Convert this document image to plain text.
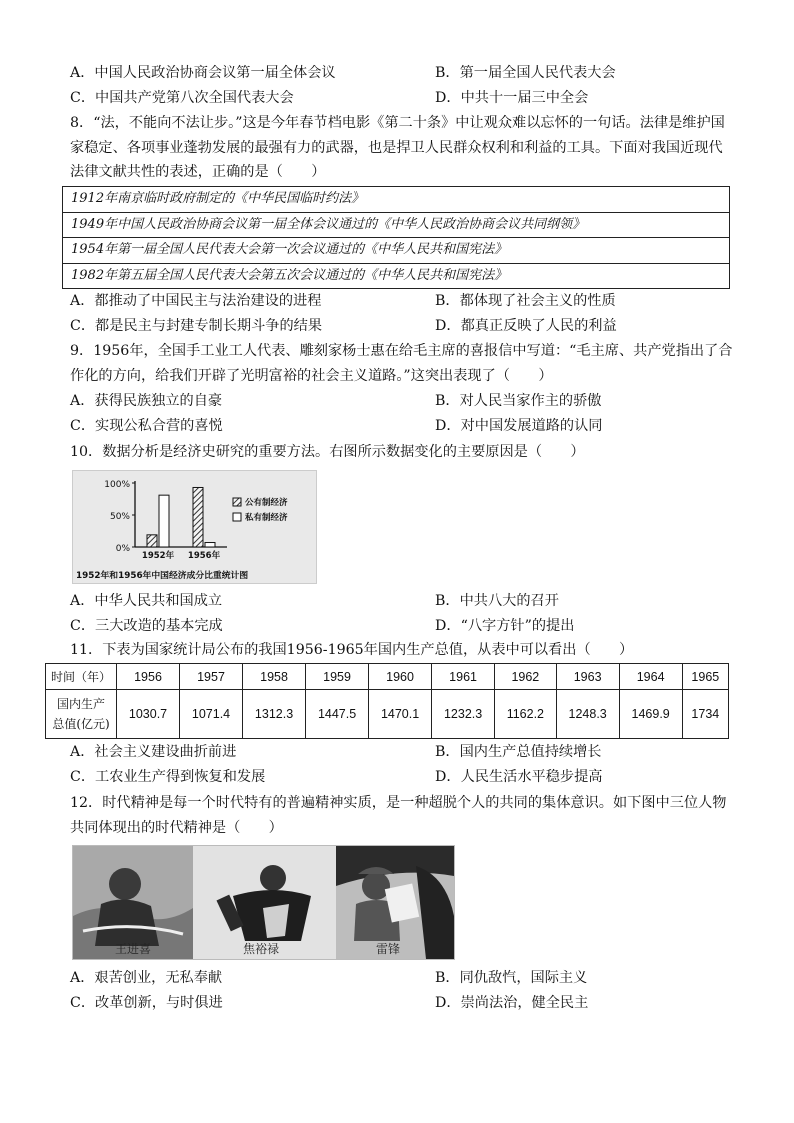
A．中国人民政治协商会议第一届全体会议	B．第一届全国人民代表大会
C．中国共产党第八次全国代表大会	D．中共十一届三中全会
8．“法，不能向不法让步。”这是今年春节档电影《第二十条》中让观众难以忘怀的一句话。法律是维护国
家稳定、各项事业蓬勃发展的最强有力的武器，也是捍卫人民群众权利和利益的工具。下面对我国近现代
法律文献共性的表述，正确的是（　　）
1912年南京临时政府制定的《中华民国临时约法》
1949年中国人民政治协商会议第一届全体会议通过的《中华人民政治协商会议共同纲领》
1954年第一届全国人民代表大会第一次会议通过的《中华人民共和国宪法》
1982年第五届全国人民代表大会第五次会议通过的《中华人民共和国宪法》
A．都推动了中国民主与法治建设的进程	B．都体现了社会主义的性质
C．都是民主与封建专制长期斗争的结果	D．都真正反映了人民的利益
9．1956年，全国手工业工人代表、雕刻家杨士惠在给毛主席的喜报信中写道：“毛主席、共产党指出了合
作化的方向，给我们开辟了光明富裕的社会主义道路。”这突出表现了（　　）
A．获得民族独立的自豪	B．对人民当家作主的骄傲
C．实现公私合营的喜悦	D．对中国发展道路的认同
10．数据分析是经济史研究的重要方法。右图所示数据变化的主要原因是（　　）
100%
50%
0%
1952年 1956年
公有制经济
私有制经济
1952年和1956年中国经济成分比重统计图
A．中华人民共和国成立	B．中共八大的召开
C．三大改造的基本完成	D．“八字方针”的提出
11．下表为国家统计局公布的我国1956-1965年国内生产总值，从表中可以看出（　　）
时间（年）	1956	1957	1958	1959	1960	1961	1962	1963	1964	1965

国内生产
总值(亿元)	1030.7	1071.4	1312.3	1447.5	1470.1	1232.3	1162.2	1248.3	1469.9	1734
A．社会主义建设曲折前进	B．国内生产总值持续增长
C．工农业生产得到恢复和发展	D．人民生活水平稳步提高
12．时代精神是每一个时代特有的普遍精神实质，是一种超脱个人的共同的集体意识。如下图中三位人物
共同体现出的时代精神是（　　）
王进喜	焦裕禄	雷锋
A．艰苦创业，无私奉献	B．同仇敌忾，国际主义
C．改革创新，与时俱进	D．崇尚法治，健全民主
